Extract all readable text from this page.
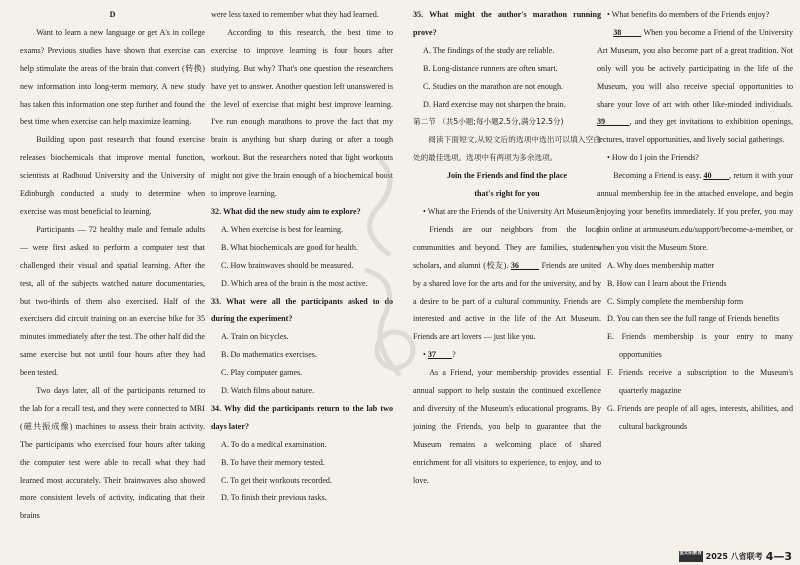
D

Want to learn a new language or get A's in college exams? Previous studies have shown that exercise can help stimulate the areas of the brain that convert (转换) new information into long-term memory. A new study has taken this information one step further and found the best time when exercise can help maximize learning.

Building upon past research that found exercise releases biochemicals that improve mental function, scientists at Radboud University and the University of Edinburgh conducted a study to determine when exercise was most beneficial to learning.

Participants — 72 healthy male and female adults — were first asked to perform a computer test that challenged their visual and spatial learning. After the test, all of the subjects watched nature documentaries, but two-thirds of them also exercised. Half of the exercisers did circuit training on an exercise bike for 35 minutes immediately after the test. The other half did the same exercise but not until four hours after they had been tested.

Two days later, all of the participants returned to the lab for a recall test, and they were connected to MRI (磁共振成像) machines to assess their brain activity. The participants who exercised four hours after taking the computer test were able to recall what they had learned most accurately. Their brainwaves also showed more consistent levels of activity, indicating that their brains

were less taxed to remember what they had learned.

According to this research, the best time to exercise to improve learning is four hours after studying. But why? That's one question the researchers have yet to answer. Another question left unanswered is the level of exercise that might best improve learning. I've run enough marathons to prove the fact that my brain is anything but sharp during or after a tough workout. But the researchers noted that light workouts might not give the brain enough of a biochemical boost to improve learning.

32. What did the new study aim to explore?

A. When exercise is best for learning.

B. What biochemicals are good for health.

C. How brainwaves should be measured.

D. Which area of the brain is the most active.

33. What were all the participants asked to do during the experiment?

A. Train on bicycles.

B. Do mathematics exercises.

C. Play computer games.

D. Watch films about nature.

34. Why did the participants return to the lab two days later?

A. To do a medical examination.

B. To have their memory tested.

C. To get their workouts recorded.

D. To finish their previous tasks.

35. What might the author's marathon running prove?

A. The findings of the study are reliable.

B. Long-distance runners are often smart.

C. Studies on the marathon are not enough.

D. Hard exercise may not sharpen the brain.

第二节 （共5小题;每小题2.5分,满分12.5分)

阅读下面短文,从短文后的选项中选出可以填入空白处的最佳选项。选项中有两项为多余选项。

Join the Friends and find the place

that's right for you

• What are the Friends of the University Art Museum?

Friends are our neighbors from the local communities and beyond. They are families, students, scholars, and alumni (校友). 36         Friends are united by a shared love for the arts and for the university, and by a desire to be part of a cultural community. Friends are interested and active in the life of the Art Museum. Friends are art lovers — just like you.

• 37        ?

As a Friend, your membership provides essential annual support to help sustain the continued excellence and diversity of the Museum's educational programs. By joining the Friends, you help to guarantee that the Museum remains a welcoming place of shared enrichment for all visitors to experience, to enjoy, and to love.

• What benefits do members of the Friends enjoy?

38         When you become a Friend of the University Art Museum, you also become part of a great tradition. Not only will you be actively participating in the life of the Museum, you will also receive special opportunities to share your love of art with other like-minded individuals. 39        , and they get invitations to exhibition openings, lectures, travel opportunities, and lively social gatherings.

• How do I join the Friends?

Becoming a Friend is easy. 40        , return it with your annual membership fee in the attached envelope, and begin enjoying your benefits immediately. If you prefer, you may join online at artmuseum.edu/support/become-a-member, or when you visit the Museum Store.

A. Why does membership matter

B. How can I learn about the Friends

C. Simply complete the membership form

D. You can then see the full range of Friends benefits

E. Friends membership is your entry to many opportunities

F. Friends receive a subscription to the Museum's quarterly magazine

G. Friends are people of all ages, interests, abilities, and cultural backgrounds

金太阳教育 2025 八省联考 4—3
